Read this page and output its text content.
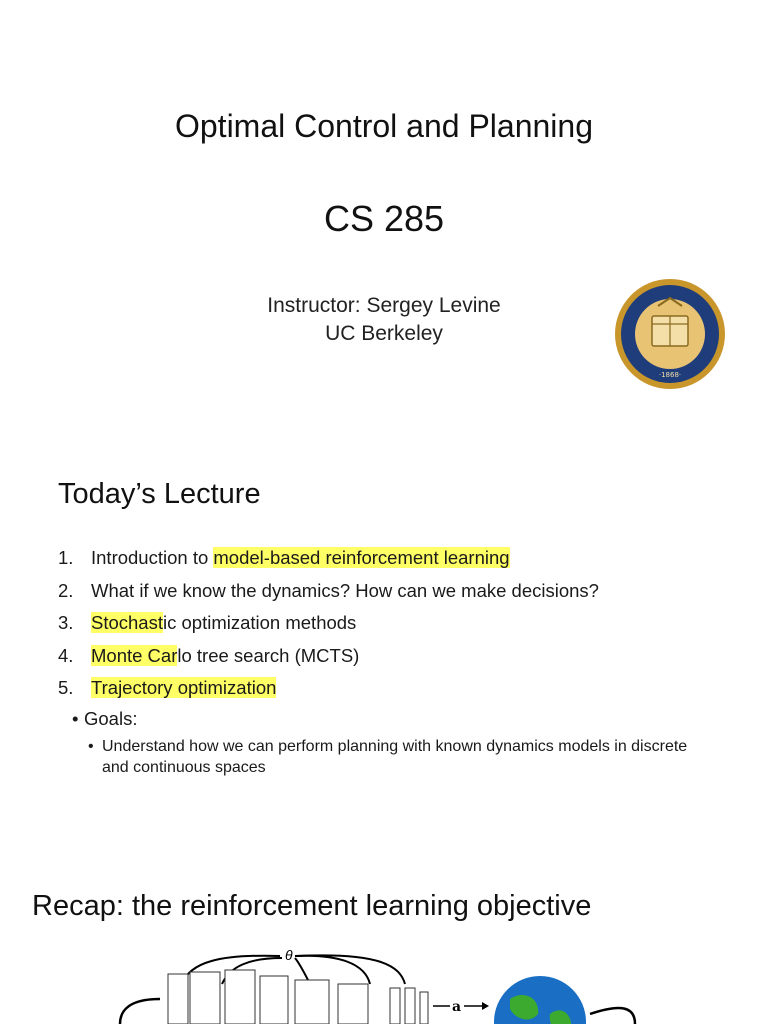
Optimal Control and Planning
CS 285
Instructor: Sergey Levine
UC Berkeley
·1868·
Today’s Lecture
1. Introduction to model-based reinforcement learning
2. What if we know the dynamics? How can we make decisions?
3. Stochastic optimization methods
4. Monte Carlo tree search (MCTS)
5. Trajectory optimization
• Goals:
• Understand how we can perform planning with known dynamics models in discrete and continuous spaces
Recap: the reinforcement learning objective
θ
a
